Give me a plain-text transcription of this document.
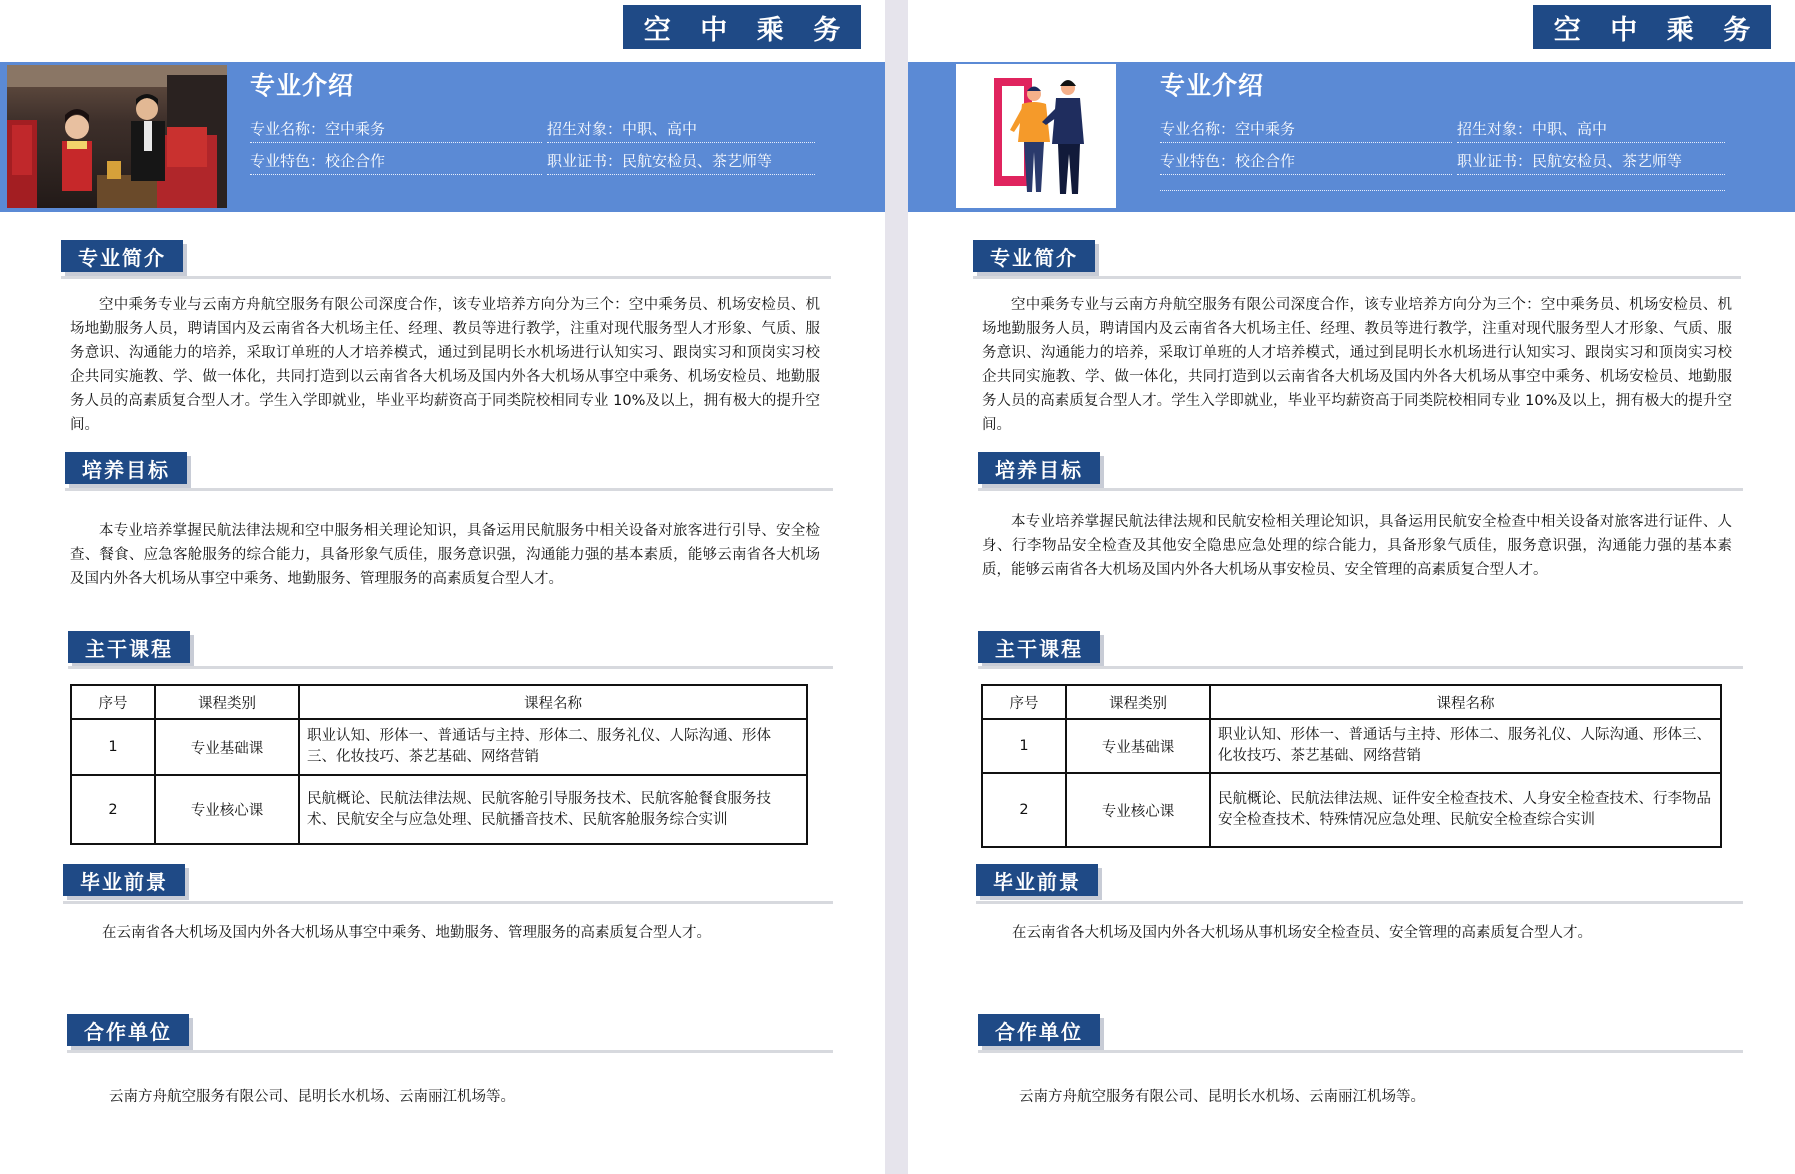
空 中 乘 务
专业介绍
专业名称：空中乘务	招生对象：中职、高中
专业特色：校企合作	职业证书：民航安检员、茶艺师等
专业简介

空中乘务专业与云南方舟航空服务有限公司深度合作，该专业培养方向分为三个：空中乘务员、机场安检员、机场地勤服务人员，聘请国内及云南省各大机场主任、经理、教员等进行教学，注重对现代服务型人才形象、气质、服务意识、沟通能力的培养，采取订单班的人才培养模式，通过到昆明长水机场进行认知实习、跟岗实习和顶岗实习校企共同实施教、学、做一体化，共同打造到以云南省各大机场及国内外各大机场从事空中乘务、机场安检员、地勤服务人员的高素质复合型人才。学生入学即就业，毕业平均薪资高于同类院校相同专业 10%及以上，拥有极大的提升空间。

培养目标

本专业培养掌握民航法律法规和空中服务相关理论知识，具备运用民航服务中相关设备对旅客进行引导、安全检查、餐食、应急客舱服务的综合能力，具备形象气质佳，服务意识强，沟通能力强的基本素质，能够云南省各大机场及国内外各大机场从事空中乘务、地勤服务、管理服务的高素质复合型人才。

主干课程
序号	课程类别	课程名称
1	专业基础课	职业认知、形体一、普通话与主持、形体二、服务礼仪、人际沟通、形体三、化妆技巧、茶艺基础、网络营销
2	专业核心课	民航概论、民航法律法规、民航客舱引导服务技术、民航客舱餐食服务技术、民航安全与应急处理、民航播音技术、民航客舱服务综合实训
毕业前景
在云南省各大机场及国内外各大机场从事空中乘务、地勤服务、管理服务的高素质复合型人才。
合作单位
云南方舟航空服务有限公司、昆明长水机场、云南丽江机场等。
空 中 乘 务
专业介绍
专业名称：空中乘务	招生对象：中职、高中
专业特色：校企合作	职业证书：民航安检员、茶艺师等
专业简介

空中乘务专业与云南方舟航空服务有限公司深度合作，该专业培养方向分为三个：空中乘务员、机场安检员、机场地勤服务人员，聘请国内及云南省各大机场主任、经理、教员等进行教学，注重对现代服务型人才形象、气质、服务意识、沟通能力的培养，采取订单班的人才培养模式，通过到昆明长水机场进行认知实习、跟岗实习和顶岗实习校企共同实施教、学、做一体化，共同打造到以云南省各大机场及国内外各大机场从事空中乘务、机场安检员、地勤服务人员的高素质复合型人才。学生入学即就业，毕业平均薪资高于同类院校相同专业 10%及以上，拥有极大的提升空间。

培养目标

本专业培养掌握民航法律法规和民航安检相关理论知识，具备运用民航安全检查中相关设备对旅客进行证件、人身、行李物品安全检查及其他安全隐患应急处理的综合能力，具备形象气质佳，服务意识强，沟通能力强的基本素质，能够云南省各大机场及国内外各大机场从事安检员、安全管理的高素质复合型人才。

主干课程
序号	课程类别	课程名称
1	专业基础课	职业认知、形体一、普通话与主持、形体二、服务礼仪、人际沟通、形体三、化妆技巧、茶艺基础、网络营销
2	专业核心课	民航概论、民航法律法规、证件安全检查技术、人身安全检查技术、行李物品安全检查技术、特殊情况应急处理、民航安全检查综合实训
毕业前景
在云南省各大机场及国内外各大机场从事机场安全检查员、安全管理的高素质复合型人才。
合作单位
云南方舟航空服务有限公司、昆明长水机场、云南丽江机场等。
